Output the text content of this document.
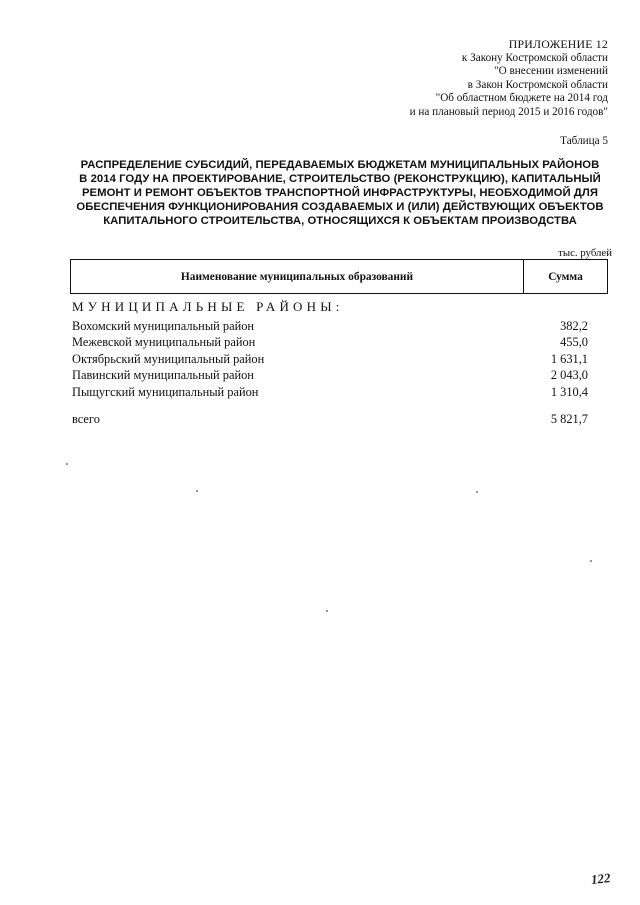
ПРИЛОЖЕНИЕ 12
к Закону Костромской области
"О внесении изменений
в Закон Костромской области
"Об областном бюджете на 2014 год
и на плановый период 2015 и 2016 годов"
Таблица 5
РАСПРЕДЕЛЕНИЕ СУБСИДИЙ, ПЕРЕДАВАЕМЫХ БЮДЖЕТАМ МУНИЦИПАЛЬНЫХ РАЙОНОВ
В 2014 ГОДУ НА ПРОЕКТИРОВАНИЕ, СТРОИТЕЛЬСТВО (РЕКОНСТРУКЦИЮ), КАПИТАЛЬНЫЙ
РЕМОНТ И РЕМОНТ ОБЪЕКТОВ ТРАНСПОРТНОЙ ИНФРАСТРУКТУРЫ, НЕОБХОДИМОЙ ДЛЯ
ОБЕСПЕЧЕНИЯ ФУНКЦИОНИРОВАНИЯ СОЗДАВАЕМЫХ И (ИЛИ) ДЕЙСТВУЮЩИХ ОБЪЕКТОВ
КАПИТАЛЬНОГО СТРОИТЕЛЬСТВА, ОТНОСЯЩИХСЯ К ОБЪЕКТАМ ПРОИЗВОДСТВА
тыс. рублей
Наименование муниципальных образований	Сумма
МУНИЦИПАЛЬНЫЕ РАЙОНЫ:
Вохомский муниципальный район	382,2
Межевской муниципальный район	455,0
Октябрьский муниципальный район	1 631,1
Павинский муниципальный район	2 043,0
Пыщугский муниципальный район	1 310,4
всего	5 821,7
122
